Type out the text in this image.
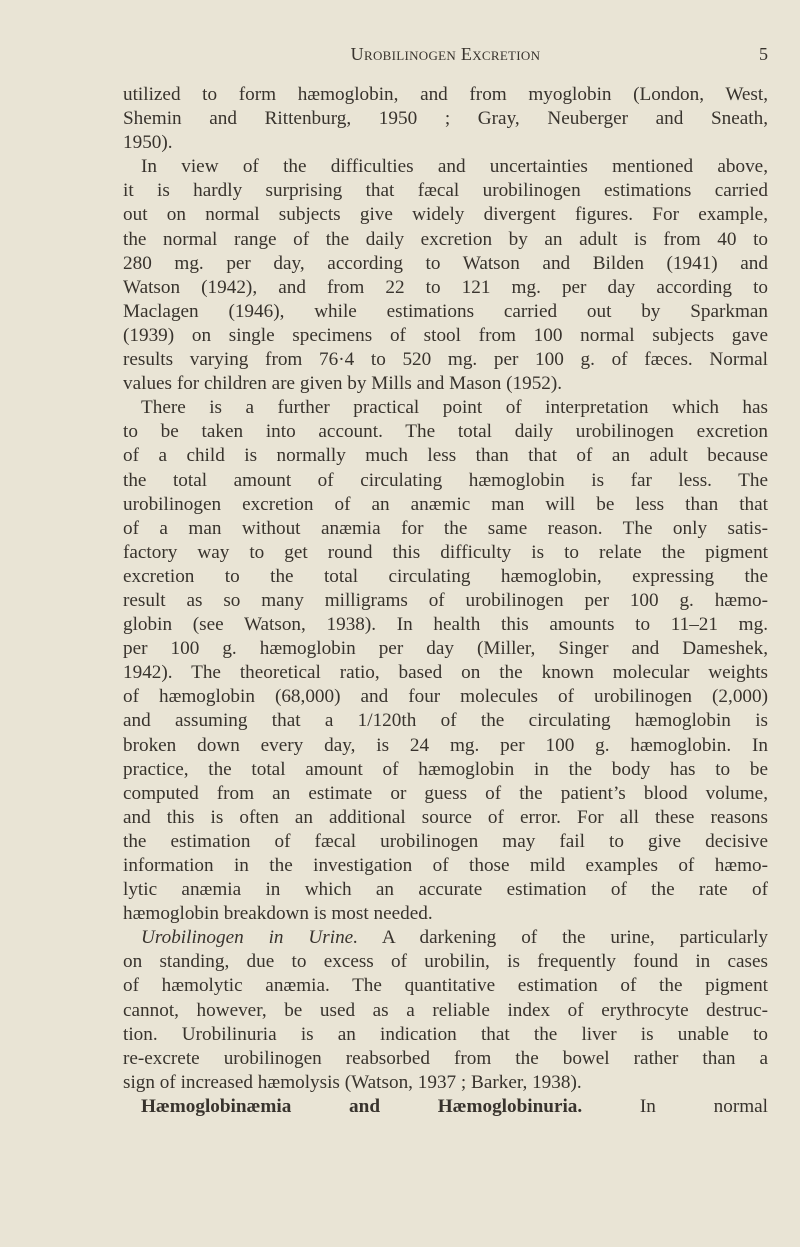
Urobilinogen Excretion	5
utilized to form hæmoglobin, and from myoglobin (London, West,
Shemin and Rittenburg, 1950 ; Gray, Neuberger and Sneath,
1950).
In view of the difficulties and uncertainties mentioned above,
it is hardly surprising that fæcal urobilinogen estimations carried
out on normal subjects give widely divergent figures. For example,
the normal range of the daily excretion by an adult is from 40 to
280 mg. per day, according to Watson and Bilden (1941) and
Watson (1942), and from 22 to 121 mg. per day according to
Maclagen (1946), while estimations carried out by Sparkman
(1939) on single specimens of stool from 100 normal subjects gave
results varying from 76·4 to 520 mg. per 100 g. of fæces. Normal
values for children are given by Mills and Mason (1952).
There is a further practical point of interpretation which has
to be taken into account. The total daily urobilinogen excretion
of a child is normally much less than that of an adult because
the total amount of circulating hæmoglobin is far less. The
urobilinogen excretion of an anæmic man will be less than that
of a man without anæmia for the same reason. The only satis-
factory way to get round this difficulty is to relate the pigment
excretion to the total circulating hæmoglobin, expressing the
result as so many milligrams of urobilinogen per 100 g. hæmo-
globin (see Watson, 1938). In health this amounts to 11–21 mg.
per 100 g. hæmoglobin per day (Miller, Singer and Dameshek,
1942). The theoretical ratio, based on the known molecular weights
of hæmoglobin (68,000) and four molecules of urobilinogen (2,000)
and assuming that a 1/120th of the circulating hæmoglobin is
broken down every day, is 24 mg. per 100 g. hæmoglobin. In
practice, the total amount of hæmoglobin in the body has to be
computed from an estimate or guess of the patient’s blood volume,
and this is often an additional source of error. For all these reasons
the estimation of fæcal urobilinogen may fail to give decisive
information in the investigation of those mild examples of hæmo-
lytic anæmia in which an accurate estimation of the rate of
hæmoglobin breakdown is most needed.
Urobilinogen in Urine. A darkening of the urine, particularly
on standing, due to excess of urobilin, is frequently found in cases
of hæmolytic anæmia. The quantitative estimation of the pigment
cannot, however, be used as a reliable index of erythrocyte destruc-
tion. Urobilinuria is an indication that the liver is unable to
re-excrete urobilinogen reabsorbed from the bowel rather than a
sign of increased hæmolysis (Watson, 1937 ; Barker, 1938).
Hæmoglobinæmia and Hæmoglobinuria. In normal
